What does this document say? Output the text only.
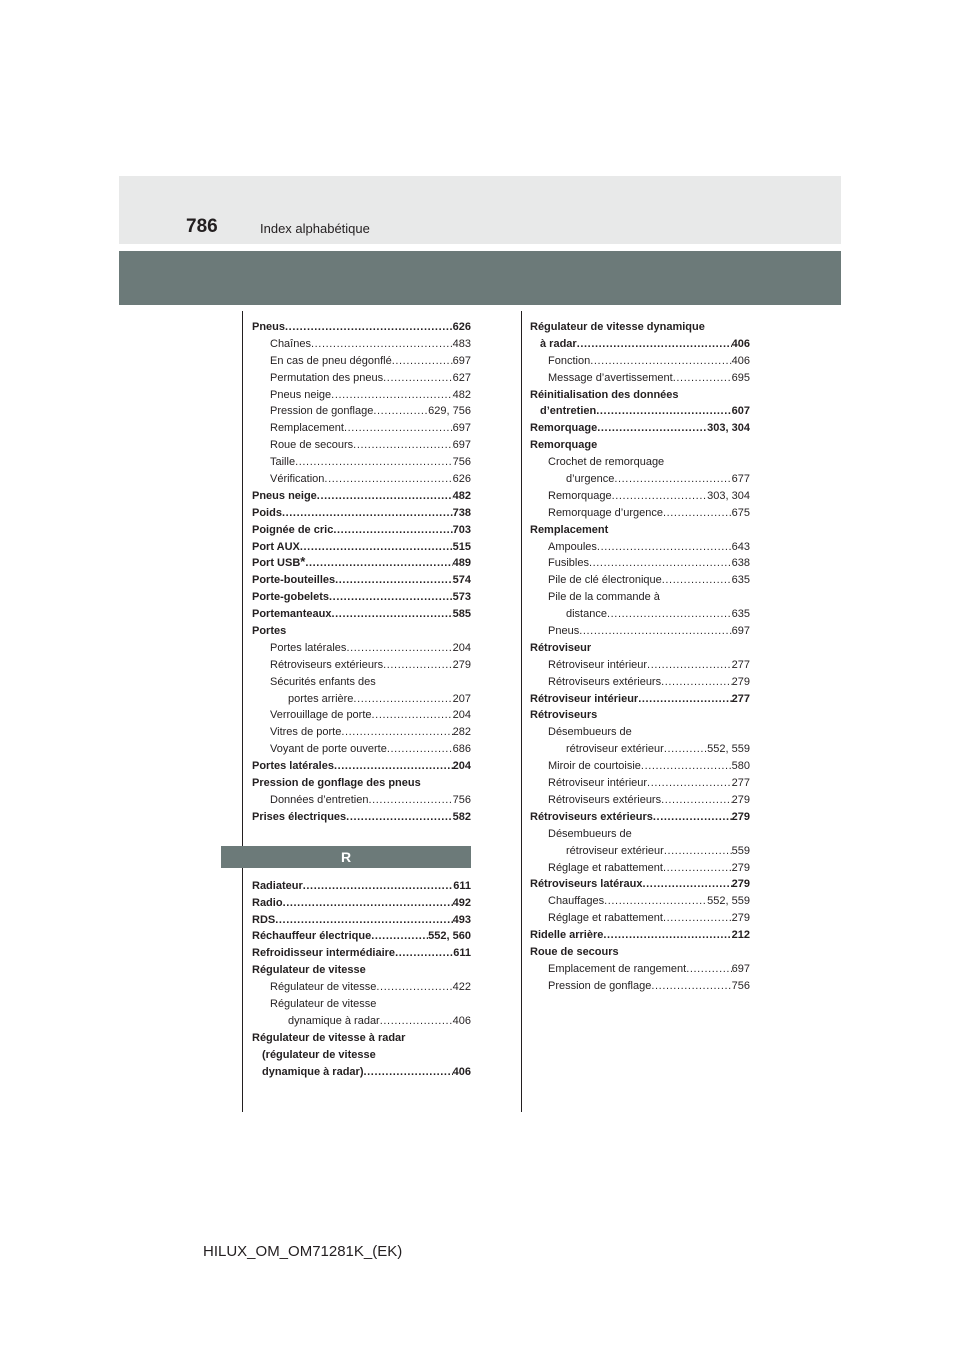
786	Index alphabétique
Pneus .....	626
Chaînes .....	483
En cas de pneu dégonflé .....	697
Permutation des pneus .....	627
Pneus neige .....	482
Pression de gonflage .....	629, 756
Remplacement .....	697
Roue de secours .....	697
Taille .....	756
Vérification .....	626
Pneus neige .....	482
Poids .....	738
Poignée de cric .....	703
Port AUX .....	515
Port USB * .....	489
Porte-bouteilles .....	574
Porte-gobelets .....	573
Portemanteaux .....	585
Portes
Portes latérales .....	204
Rétroviseurs extérieurs .....	279
Sécurités enfants des
portes arrière .....	207
Verrouillage de porte .....	204
Vitres de porte .....	282
Voyant de porte ouverte .....	686
Portes latérales .....	204
Pression de gonflage des pneus
Données d’entretien .....	756
Prises électriques .....	582
R
Radiateur .....	611
Radio .....	492
RDS .....	493
Réchauffeur électrique .....	552, 560
Refroidisseur intermédiaire .....	611
Régulateur de vitesse
Régulateur de vitesse .....	422
Régulateur de vitesse
dynamique à radar .....	406
Régulateur de vitesse à radar
(régulateur de vitesse
dynamique à radar) .....	406
Régulateur de vitesse dynamique
à radar .....	406
Fonction .....	406
Message d’avertissement .....	695
Réinitialisation des données
d’entretien .....	607
Remorquage .....	303, 304
Remorquage
Crochet de remorquage
d’urgence .....	677
Remorquage .....	303, 304
Remorquage d’urgence .....	675
Remplacement
Ampoules .....	643
Fusibles .....	638
Pile de clé électronique .....	635
Pile de la commande à
distance .....	635
Pneus .....	697
Rétroviseur
Rétroviseur intérieur .....	277
Rétroviseurs extérieurs .....	279
Rétroviseur intérieur .....	277
Rétroviseurs
Désembueurs de
rétroviseur extérieur .....	552, 559
Miroir de courtoisie .....	580
Rétroviseur intérieur .....	277
Rétroviseurs extérieurs .....	279
Rétroviseurs extérieurs .....	279
Désembueurs de
rétroviseur extérieur .....	559
Réglage et rabattement .....	279
Rétroviseurs latéraux .....	279
Chauffages .....	552, 559
Réglage et rabattement .....	279
Ridelle arrière .....	212
Roue de secours
Emplacement de rangement .....	697
Pression de gonflage .....	756
HILUX_OM_OM71281K_(EK)
